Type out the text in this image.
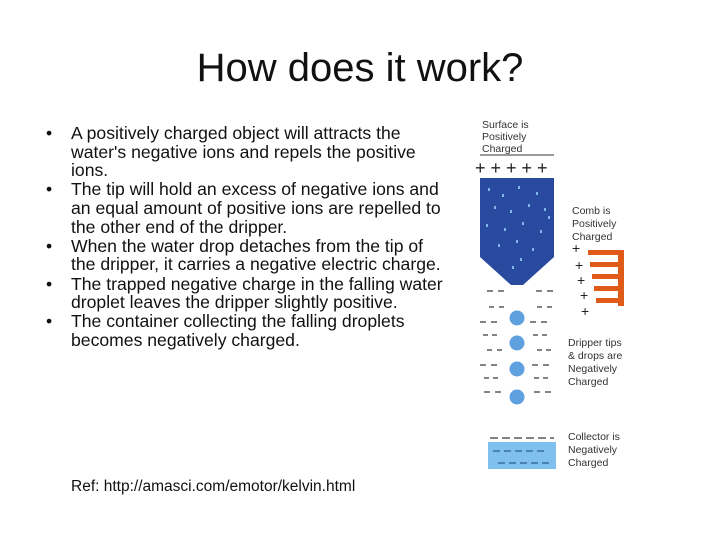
How does it work?
• A positively charged object will attracts the water's negative ions and repels the positive ions.
• The tip will hold an excess of negative ions and an equal amount of positive ions are repelled to the other end of the dripper.
• When the water drop detaches from the tip of the dripper, it carries a negative electric charge.
• The trapped negative charge in the falling water droplet leaves the dripper slightly positive.
• The container collecting the falling droplets becomes negatively charged.
Ref: http://amasci.com/emotor/kelvin.html
Surface is
Positively
Charged
+ + + + +
Comb is
Positively
Charged
+
+
+
+
+
Dripper tips
& drops are
Negatively
Charged
Collector is
Negatively
Charged
